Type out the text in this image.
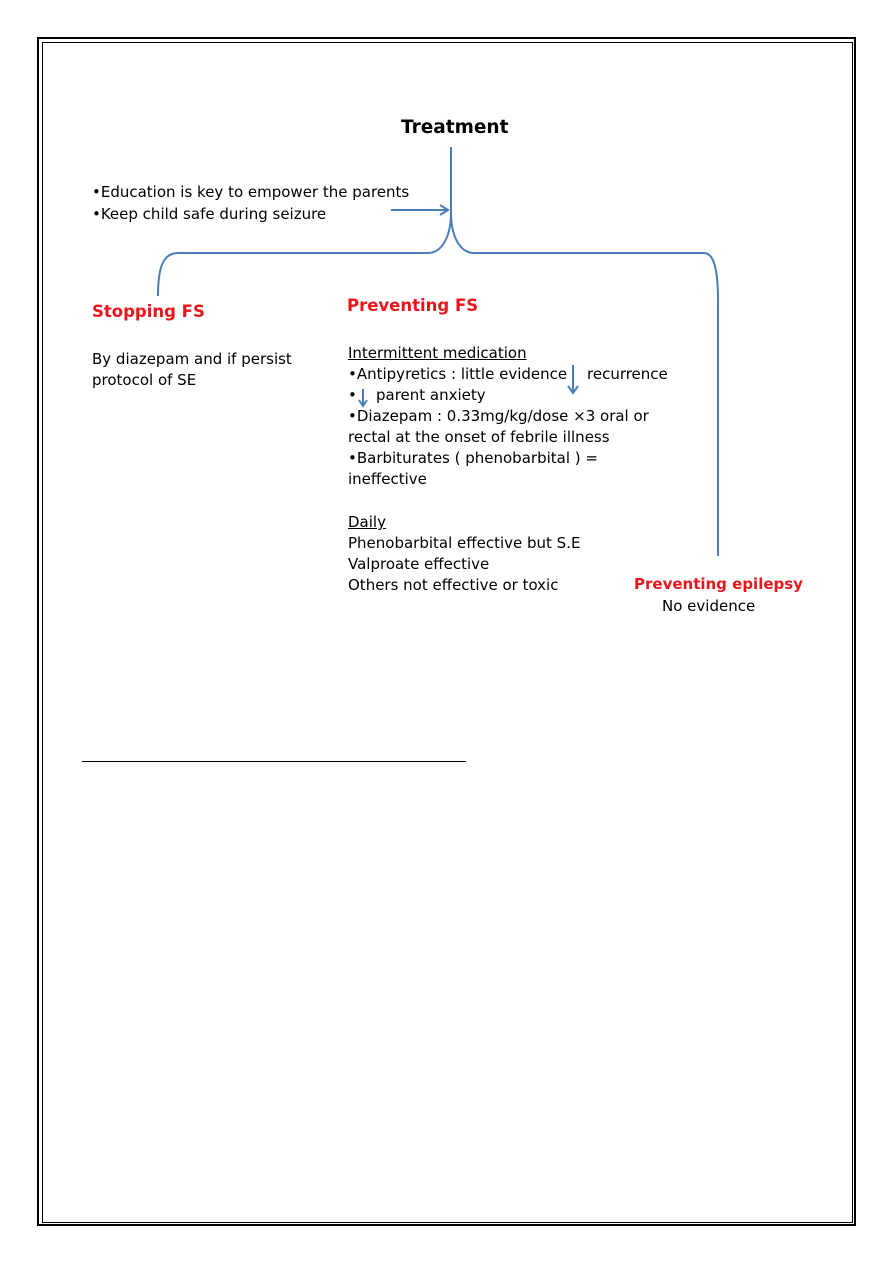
Treatment
•Education is key to empower the parents
•Keep child safe during seizure
Stopping FS
By diazepam and if persist
protocol of SE
Preventing FS
Intermittent medication
•Antipyretics : little evidence recurrence
• parent anxiety
•Diazepam : 0.33mg/kg/dose ×3 oral or
rectal at the onset of febrile illness
•Barbiturates ( phenobarbital ) =
ineffective
Daily
Phenobarbital effective but S.E
Valproate effective
Others not effective or toxic	Preventing epilepsy
No evidence
